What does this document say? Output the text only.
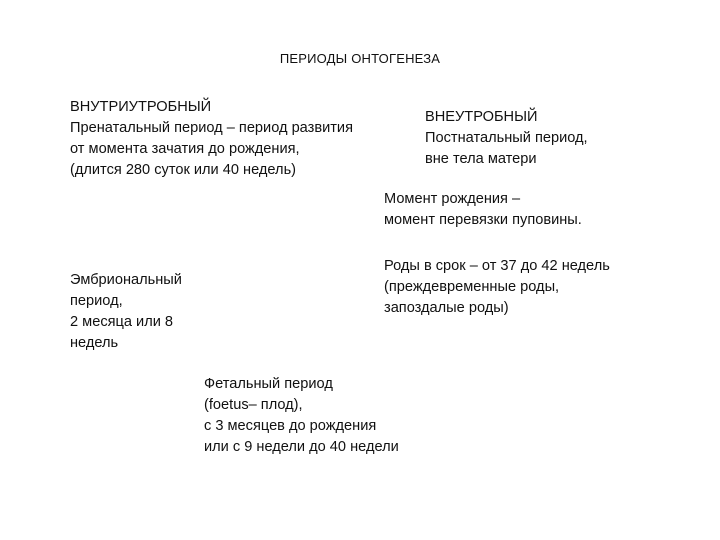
ПЕРИОДЫ ОНТОГЕНЕЗА
ВНУТРИУТРОБНЫЙ
Пренатальный период – период развития
от момента зачатия до рождения,
(длится 280 суток или 40 недель)
ВНЕУТРОБНЫЙ
Постнатальный период,
вне тела матери
Момент рождения –
момент перевязки пуповины.
Роды в срок – от 37 до 42 недель
(преждевременные роды,
запоздалые роды)
Эмбриональный
период,
2 месяца или 8
недель
Фетальный период
(foetus– плод),
с 3 месяцев до рождения
или с 9 недели до 40 недели
